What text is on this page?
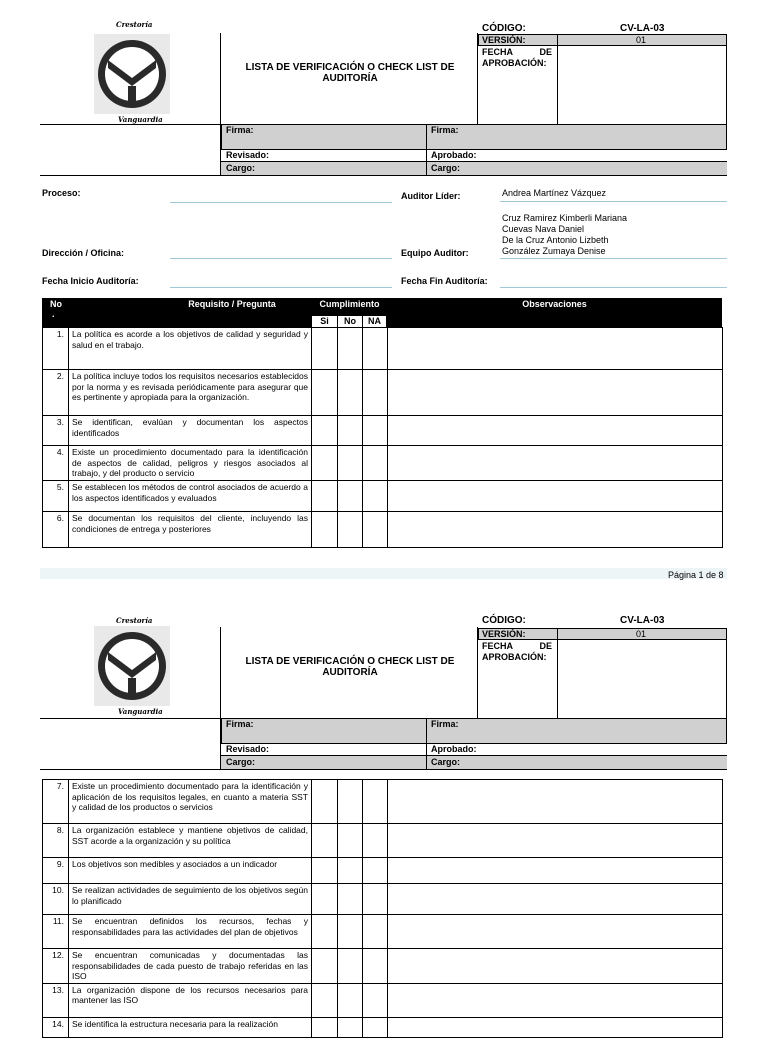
Crestoría
Vanguardia
LISTA DE VERIFICACIÓN O CHECK LIST DE AUDITORÍA
CÓDIGO:	CV-LA-03
VERSIÓN:	01
FECHA DE APROBACIÓN:
Firma:	Firma:
Revisado:	Aprobado:
Cargo:	Cargo:
Proceso:	Auditor Líder:	Andrea Martínez Vázquez
Cruz Ramirez Kimberli Mariana
Cuevas Nava Daniel
De la Cruz Antonio Lizbeth
González Zumaya Denise
Dirección / Oficina:	Equipo Auditor:
Fecha Inicio Auditoría:	Fecha Fin Auditoría:
No
.
Requisito / Pregunta	Cumplimiento	Observaciones
Si	No	NA
1.	La política es acorde a los objetivos de calidad y seguridad y salud en el trabajo.				
2.	La política incluye todos los requisitos necesarios establecidos por la norma y es revisada periódicamente para asegurar que es pertinente y apropiada para la organización.				
3.	Se identifican, evalúan y documentan los aspectos identificados				
4.	Existe un procedimiento documentado para la identificación de aspectos de calidad, peligros y riesgos asociados al trabajo, y del producto o servicio				
5.	Se establecen los métodos de control asociados de acuerdo a los aspectos identificados y evaluados				
6.	Se documentan los requisitos del cliente, incluyendo las condiciones de entrega y posteriores				
Página 1 de 8
Crestoría
Vanguardia
LISTA DE VERIFICACIÓN O CHECK LIST DE AUDITORÍA
CÓDIGO:	CV-LA-03
VERSIÓN:	01
FECHA DE APROBACIÓN:
Firma:	Firma:
Revisado:	Aprobado:
Cargo:	Cargo:
7.	Existe un procedimiento documentado para la identificación y aplicación de los requisitos legales, en cuanto a materia SST y calidad de los productos o servicios				
8.	La organización establece y mantiene objetivos de calidad, SST acorde a la organización y su política				
9.	Los objetivos son medibles y asociados a un indicador				
10.	Se realizan actividades de seguimiento de los objetivos según lo planificado				
11.	Se encuentran definidos los recursos, fechas y responsabilidades para las actividades del plan de objetivos				
12.	Se encuentran comunicadas y documentadas las responsabilidades de cada puesto de trabajo referidas en las ISO				
13.	La organización dispone de los recursos necesarios para mantener las ISO				
14.	Se identifica la estructura necesaria para la realización				
